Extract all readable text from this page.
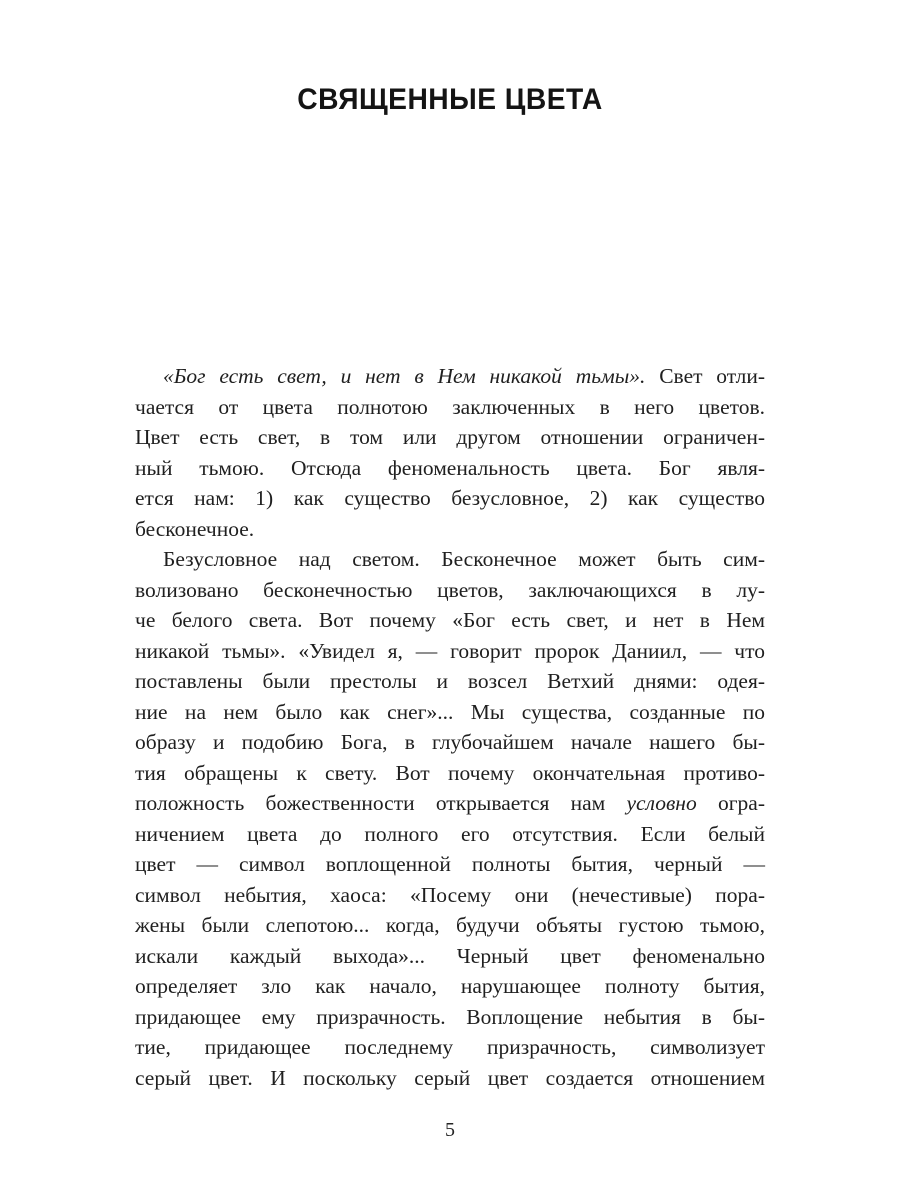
СВЯЩЕННЫЕ ЦВЕТА
«Бог есть свет, и нет в Нем никакой тьмы». Свет отли-
чается от цвета полнотою заключенных в него цветов.
Цвет есть свет, в том или другом отношении ограничен-
ный тьмою. Отсюда феноменальность цвета. Бог явля-
ется нам: 1) как существо безусловное, 2) как существо
бесконечное.
Безусловное над светом. Бесконечное может быть сим-
волизовано бесконечностью цветов, заключающихся в лу-
че белого света. Вот почему «Бог есть свет, и нет в Нем
никакой тьмы». «Увидел я, — говорит пророк Даниил, — что
поставлены были престолы и возсел Ветхий днями: одея-
ние на нем было как снег»... Мы существа, созданные по
образу и подобию Бога, в глубочайшем начале нашего бы-
тия обращены к свету. Вот почему окончательная противо-
положность божественности открывается нам условно огра-
ничением цвета до полного его отсутствия. Если белый
цвет — символ воплощенной полноты бытия, черный —
символ небытия, хаоса: «Посему они (нечестивые) пора-
жены были слепотою... когда, будучи объяты густою тьмою,
искали каждый выхода»... Черный цвет феноменально
определяет зло как начало, нарушающее полноту бытия,
придающее ему призрачность. Воплощение небытия в бы-
тие, придающее последнему призрачность, символизует
серый цвет. И поскольку серый цвет создается отношением
5
